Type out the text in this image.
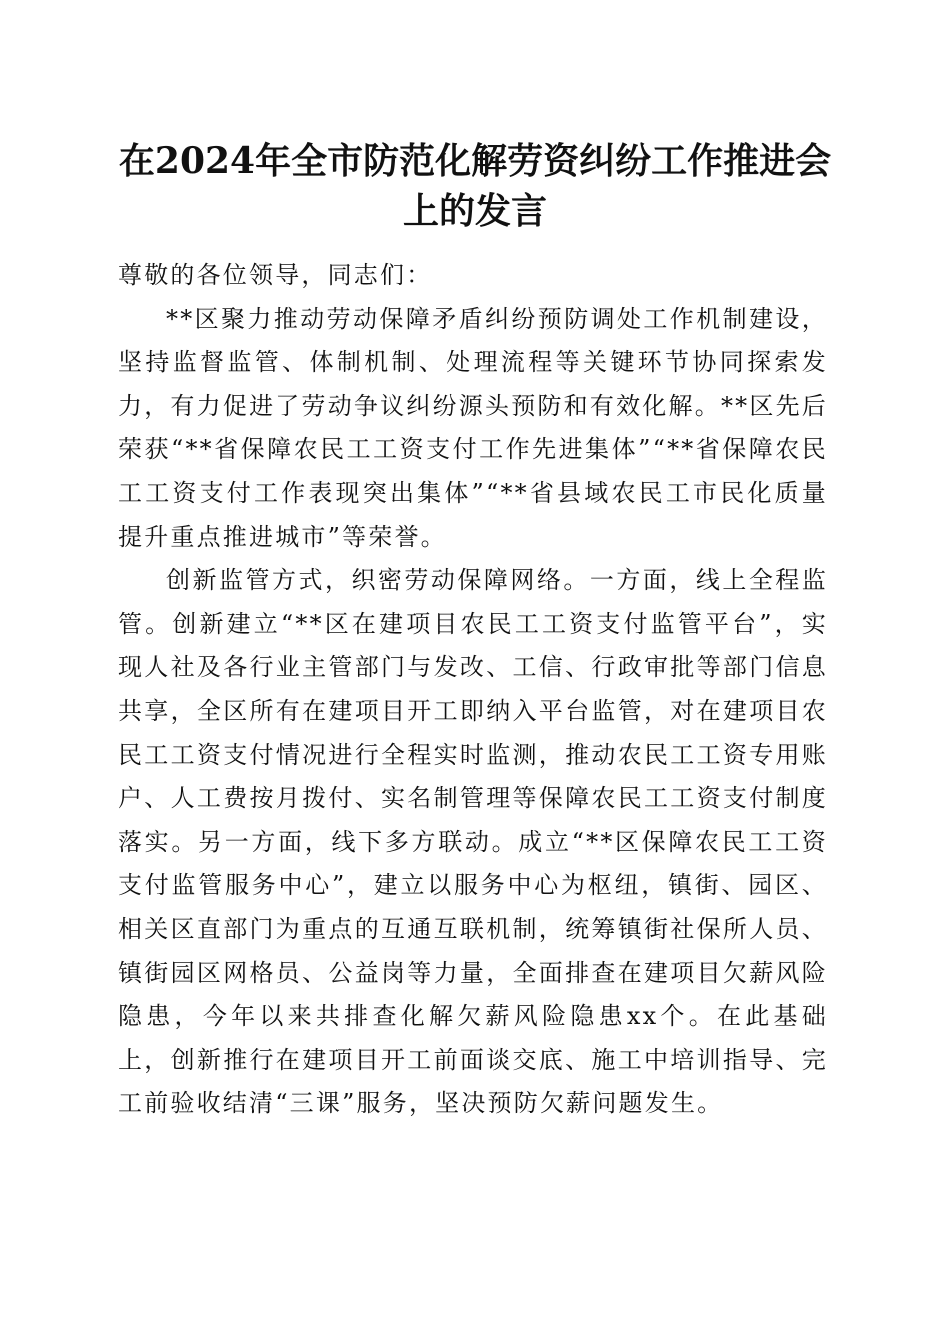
在2024年全市防范化解劳资纠纷工作推进会
上的发言

尊敬的各位领导，同志们：

**区聚力推动劳动保障矛盾纠纷预防调处工作机制建设，坚持监督监管、体制机制、处理流程等关键环节协同探索发力，有力促进了劳动争议纠纷源头预防和有效化解。**区先后荣获“**省保障农民工工资支付工作先进集体”“**省保障农民工工资支付工作表现突出集体”“**省县域农民工市民化质量提升重点推进城市”等荣誉。

创新监管方式，织密劳动保障网络。一方面，线上全程监管。创新建立“**区在建项目农民工工资支付监管平台”，实现人社及各行业主管部门与发改、工信、行政审批等部门信息共享，全区所有在建项目开工即纳入平台监管，对在建项目农民工工资支付情况进行全程实时监测，推动农民工工资专用账户、人工费按月拨付、实名制管理等保障农民工工资支付制度落实。另一方面，线下多方联动。成立“**区保障农民工工资支付监管服务中心”，建立以服务中心为枢纽，镇街、园区、相关区直部门为重点的互通互联机制，统筹镇街社保所人员、镇街园区网格员、公益岗等力量，全面排查在建项目欠薪风险隐患，今年以来共排查化解欠薪风险隐患xx个。在此基础上，创新推行在建项目开工前面谈交底、施工中培训指导、完工前验收结清“三课”服务，坚决预防欠薪问题发生。
